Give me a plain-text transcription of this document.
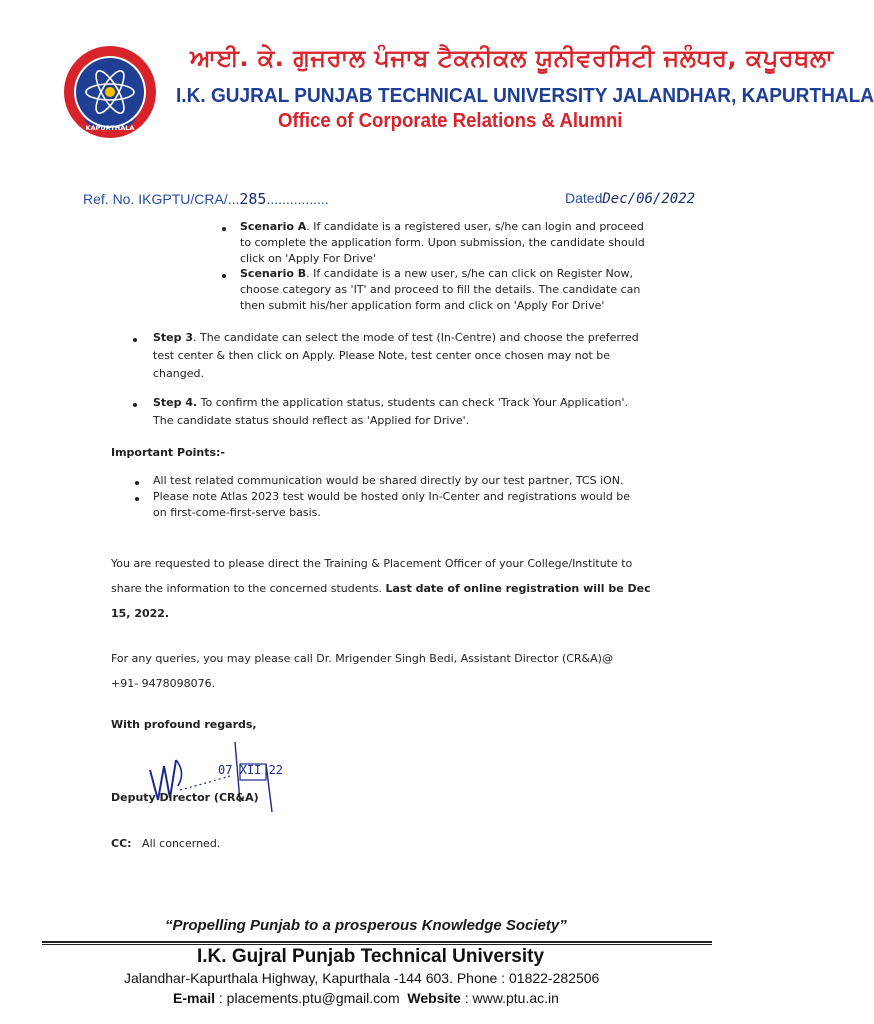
KAPURTHALA
ਆਈ. ਕੇ. ਗੁਜਰਾਲ ਪੰਜਾਬ ਟੈਕਨੀਕਲ ਯੂਨੀਵਰਸਿਟੀ ਜਲੰਧਰ, ਕਪੂਰਥਲਾ
I.K. GUJRAL PUNJAB TECHNICAL UNIVERSITY JALANDHAR, KAPURTHALA
Office of Corporate Relations & Alumni
Ref. No. IKGPTU/CRA/...285................	DatedDec/06/2022
Scenario A. If candidate is a registered user, s/he can login and proceed
to complete the application form. Upon submission, the candidate should
click on 'Apply For Drive'
Scenario B. If candidate is a new user, s/he can click on Register Now,
choose category as 'IT' and proceed to fill the details. The candidate can
then submit his/her application form and click on 'Apply For Drive'
Step 3. The candidate can select the mode of test (In-Centre) and choose the preferred
test center & then click on Apply. Please Note, test center once chosen may not be
changed.
Step 4. To confirm the application status, students can check 'Track Your Application'.
The candidate status should reflect as 'Applied for Drive'.
Important Points:-
All test related communication would be shared directly by our test partner, TCS iON.
Please note Atlas 2023 test would be hosted only In-Center and registrations would be
on first-come-first-serve basis.
You are requested to please direct the Training & Placement Officer of your College/Institute to
share the information to the concerned students. Last date of online registration will be Dec
15, 2022.
For any queries, you may please call Dr. Mrigender Singh Bedi, Assistant Director (CR&A)@
+91- 9478098076.
With profound regards,
07 XII 22
Deputy Director (CR&A)
CC: All concerned.
“Propelling Punjab to a prosperous Knowledge Society”
I.K. Gujral Punjab Technical University
Jalandhar-Kapurthala Highway, Kapurthala -144 603. Phone : 01822-282506
E-mail : placements.ptu@gmail.com Website : www.ptu.ac.in
